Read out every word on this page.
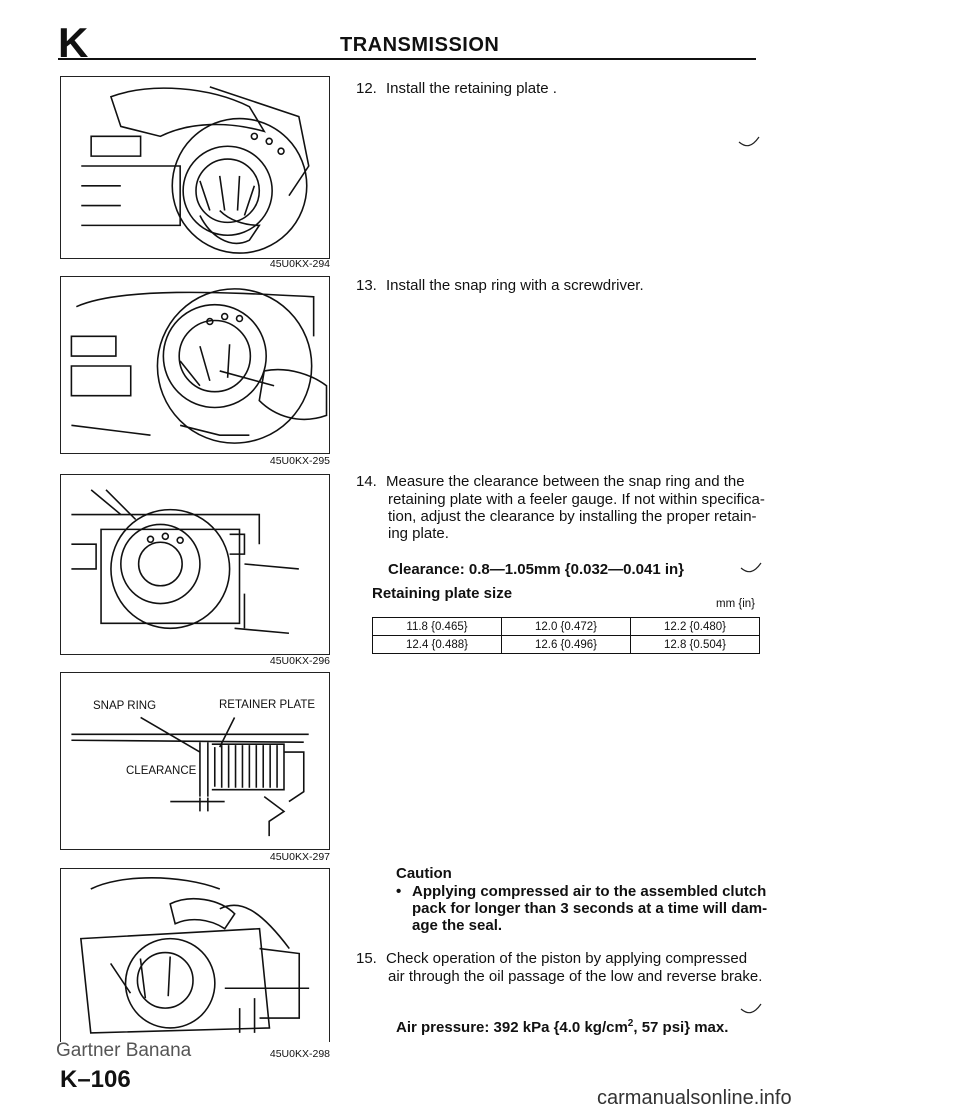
K	TRANSMISSION
45U0KX-294
45U0KX-295
45U0KX-296
SNAP RING	RETAINER PLATE
CLEARANCE
45U0KX-297
45U0KX-298
12. Install the retaining plate .
13. Install the snap ring with a screwdriver.
14. Measure the clearance between the snap ring and the
retaining plate with a feeler gauge. If not within specifica-
tion, adjust the clearance by installing the proper retain-
ing plate.
Clearance: 0.8—1.05mm {0.032—0.041 in}
Retaining plate size
mm {in}
11.8 {0.465}	12.0 {0.472}	12.2 {0.480}
12.4 {0.488}	12.6 {0.496}	12.8 {0.504}
Caution
• Applying compressed air to the assembled clutch
pack for longer than 3 seconds at a time will dam-
age the seal.
15. Check operation of the piston by applying compressed
air through the oil passage of the low and reverse brake.
Air pressure: 392 kPa {4.0 $kg/cm^2$, 57 psi} max.
Gartner Banana
K–106
carmanualsonline.info
